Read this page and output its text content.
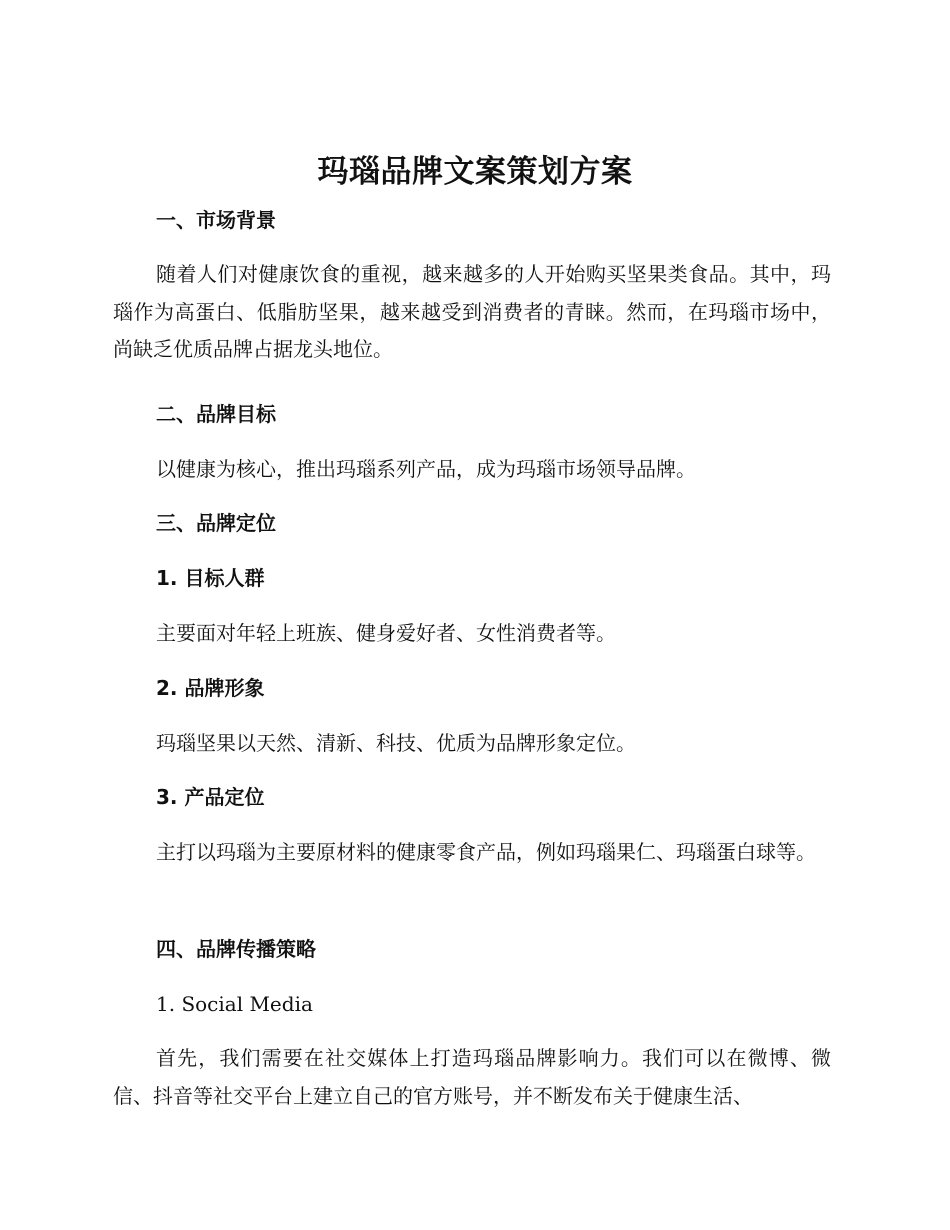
玛瑙品牌文案策划方案
一、市场背景
随着人们对健康饮食的重视，越来越多的人开始购买坚果类食品。其中，玛瑙作为高蛋白、低脂肪坚果，越来越受到消费者的青睐。然而，在玛瑙市场中，尚缺乏优质品牌占据龙头地位。
二、品牌目标
以健康为核心，推出玛瑙系列产品，成为玛瑙市场领导品牌。
三、品牌定位
1. 目标人群
主要面对年轻上班族、健身爱好者、女性消费者等。
2. 品牌形象
玛瑙坚果以天然、清新、科技、优质为品牌形象定位。
3. 产品定位
主打以玛瑙为主要原材料的健康零食产品，例如玛瑙果仁、玛瑙蛋白球等。
四、品牌传播策略
1. Social Media
首先，我们需要在社交媒体上打造玛瑙品牌影响力。我们可以在微博、微信、抖音等社交平台上建立自己的官方账号，并不断发布关于健康生活、
